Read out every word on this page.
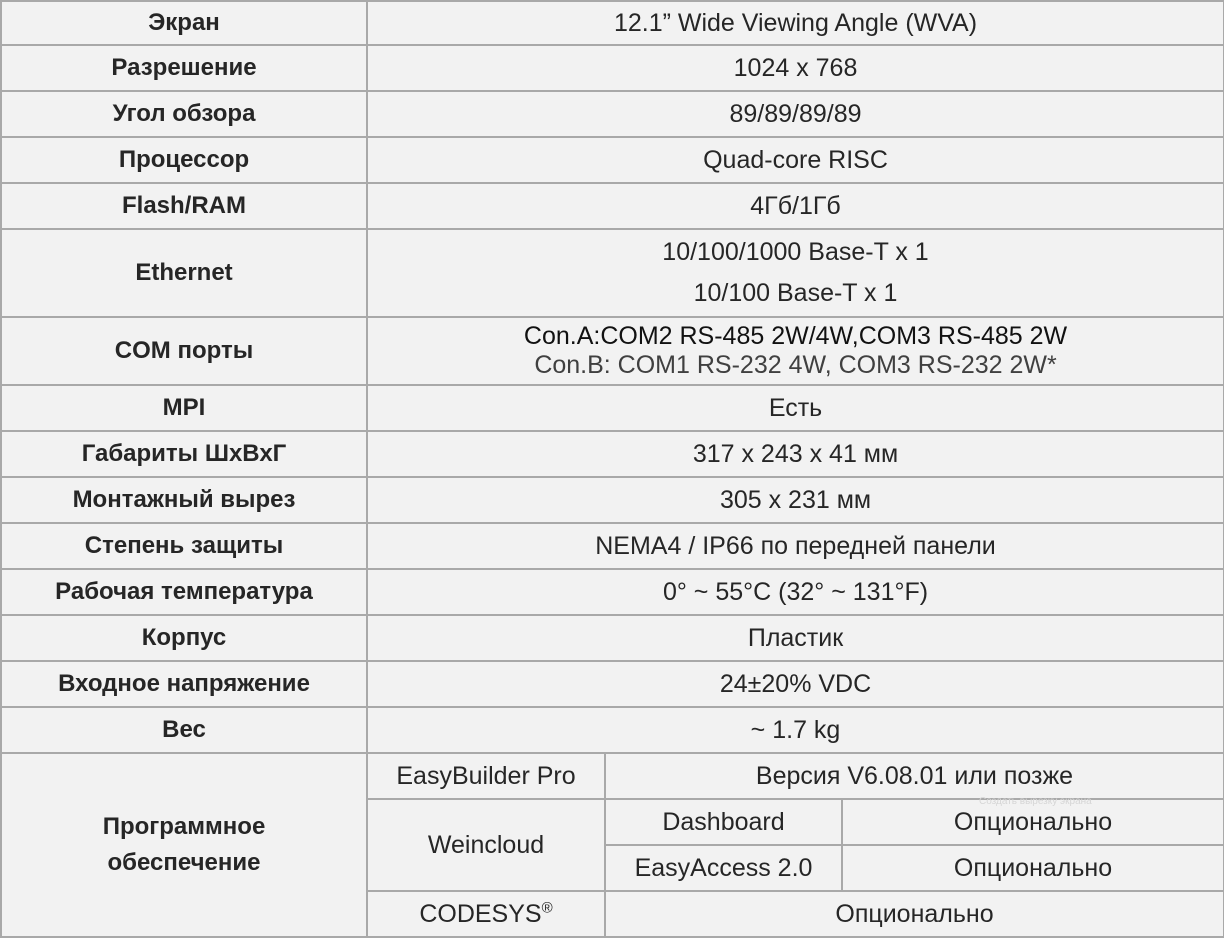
Экран	12.1” Wide Viewing Angle (WVA)		
Разрешение	1024 x 768		
Угол обзора	89/89/89/89		
Процессор	Quad-core RISC		
Flash/RAM	4Гб/1Гб		
Ethernet	10/100/1000 Base-T x 1
10/100 Base-T x 1		

COM порты	Con.A:COM2 RS-485 2W/4W,COM3 RS-485 2W
Con.B: COM1 RS-232 4W, COM3 RS-232 2W*		

MPI	Есть		
Габариты ШхВхГ	317 x 243 x 41 мм		
Монтажный вырез	305 x 231 мм		
Степень защиты	NEMA4 / IP66 по передней панели		
Рабочая температура	0° ~ 55°C (32° ~ 131°F)		
Корпус	Пластик		
Входное напряжение	24±20% VDC		
Вес	~ 1.7 kg		

Программное
обеспечение	EasyBuilder Pro	Версия V6.08.01 или позже	
	Weincloud	Dashboard	Опционально
		EasyAccess 2.0	Опционально
	CODESYS®	Опционально	
Создать вырезку экрана
